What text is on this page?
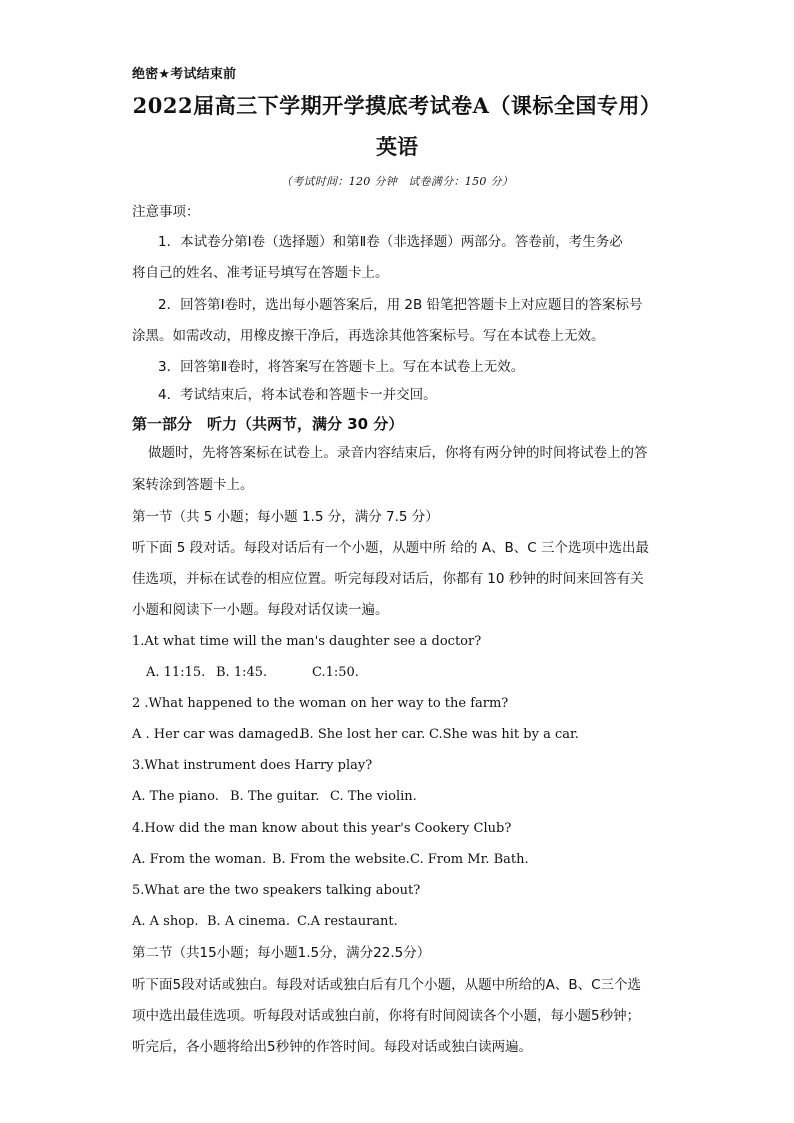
绝密★考试结束前
2022届高三下学期开学摸底考试卷A（课标全国专用）
英语
（考试时间：120 分钟　试卷满分：150 分）
注意事项：
1．本试卷分第Ⅰ卷（选择题）和第Ⅱ卷（非选择题）两部分。答卷前，考生务必
将自己的姓名、准考证号填写在答题卡上。
2．回答第Ⅰ卷时，选出每小题答案后，用 2B 铅笔把答题卡上对应题目的答案标号
涂黑。如需改动，用橡皮擦干净后，再选涂其他答案标号。写在本试卷上无效。
3．回答第Ⅱ卷时，将答案写在答题卡上。写在本试卷上无效。
4．考试结束后，将本试卷和答题卡一并交回。
第一部分　听力（共两节，满分 30 分）
做题时，先将答案标在试卷上。录音内容结束后，你将有两分钟的时间将试卷上的答
案转涂到答题卡上。
第一节（共 5 小题；每小题 1.5 分，满分 7.5 分）
听下面 5 段对话。每段对话后有一个小题，从题中所 给的 A、B、C 三个选项中选出最
佳选项，并标在试卷的相应位置。听完每段对话后，你都有 10 秒钟的时间来回答有关
小题和阅读下一小题。每段对话仅读一遍。
1.At what time will the man's daughter see a doctor?
A. 11:15. B. 1:45.	C.1:50.
2 .What happened to the woman on her way to the farm?
A . Her car was damaged.
B. She lost her car. C.She was hit by a car.
3.What instrument does Harry play?
A. The piano. B. The guitar. C. The violin.
4.How did the man know about this year's Cookery Club?
A. From the woman. B. From the website. C. From Mr. Bath.
5.What are the two speakers talking about?
A. A shop. B. A cinema. C.A restaurant.
第二节（共15小题；每小题1.5分，满分22.5分）
听下面5段对话或独白。每段对话或独白后有几个小题，从题中所给的A、B、C三个选
项中选出最佳选项。听每段对话或独白前，你将有时间阅读各个小题，每小题5秒钟；
听完后，各小题将给出5秒钟的作答时间。每段对话或独白读两遍。
